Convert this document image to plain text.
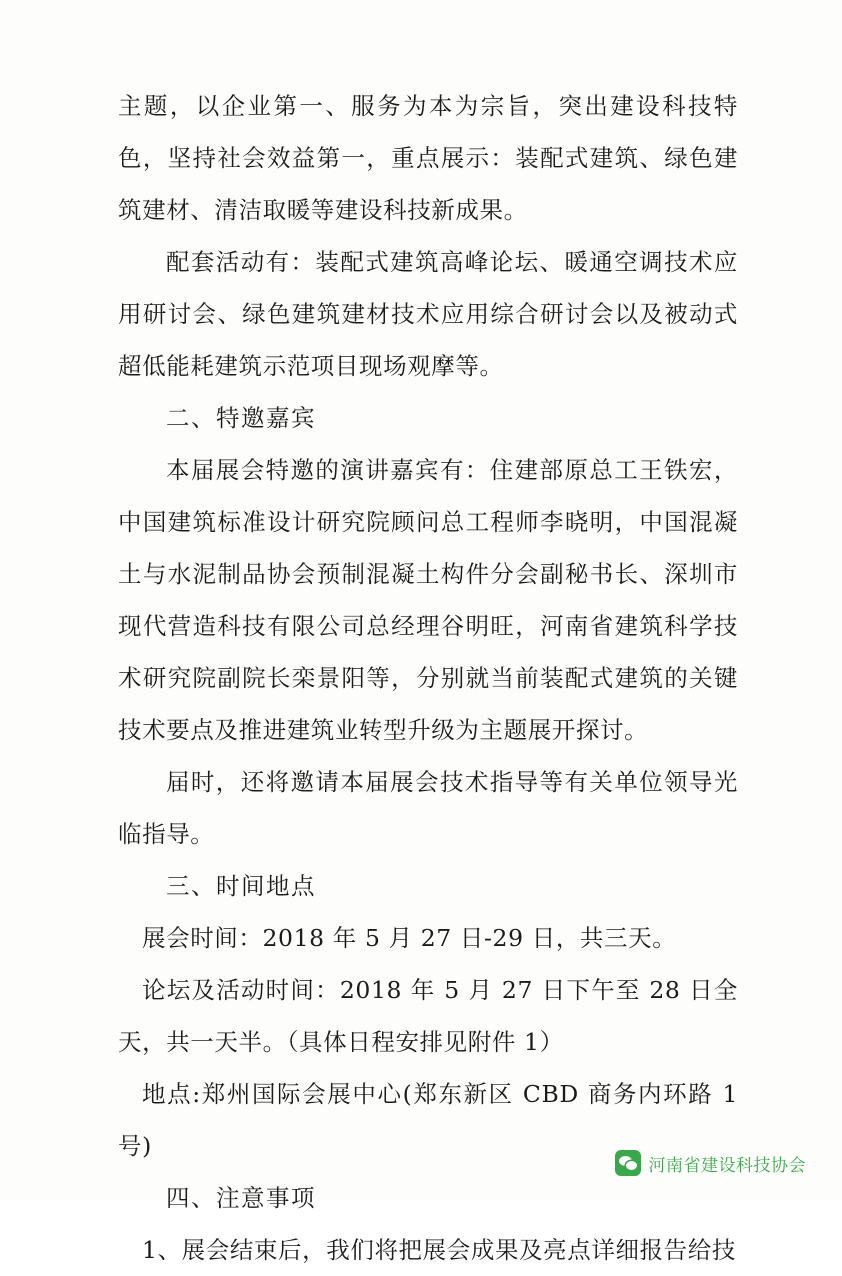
主题，以企业第一、服务为本为宗旨，突出建设科技特色，坚持社会效益第一，重点展示：装配式建筑、绿色建筑建材、清洁取暖等建设科技新成果。

配套活动有：装配式建筑高峰论坛、暖通空调技术应用研讨会、绿色建筑建材技术应用综合研讨会以及被动式超低能耗建筑示范项目现场观摩等。

二、特邀嘉宾

本届展会特邀的演讲嘉宾有：住建部原总工王铁宏，中国建筑标准设计研究院顾问总工程师李晓明，中国混凝土与水泥制品协会预制混凝土构件分会副秘书长、深圳市现代营造科技有限公司总经理谷明旺，河南省建筑科学技术研究院副院长栾景阳等，分别就当前装配式建筑的关键技术要点及推进建筑业转型升级为主题展开探讨。

届时，还将邀请本届展会技术指导等有关单位领导光临指导。

三、时间地点

展会时间：2018 年 5 月 27 日-29 日，共三天。

论坛及活动时间：2018 年 5 月 27 日下午至 28 日全天，共一天半。（具体日程安排见附件 1）

地点:郑州国际会展中心(郑东新区 CBD 商务内环路 1 号)

四、注意事项

1、展会结束后，我们将把展会成果及亮点详细报告给技

河南省建设科技协会
